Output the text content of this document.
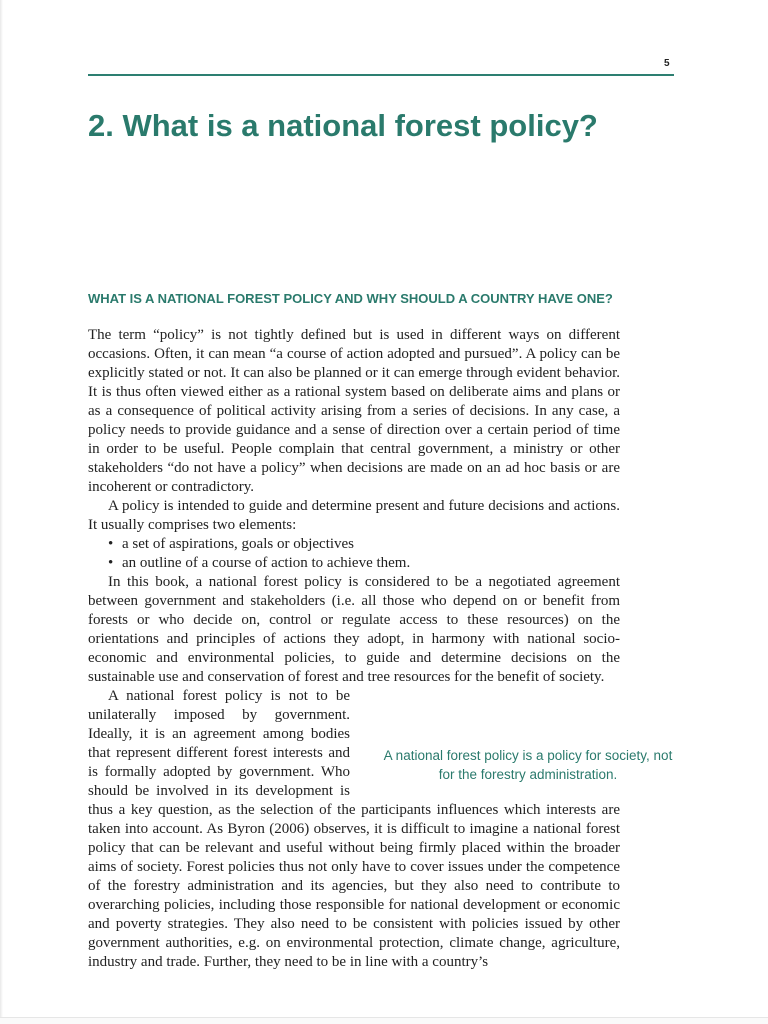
5
2. What is a national forest policy?
WHAT IS A NATIONAL FOREST POLICY AND WHY SHOULD A COUNTRY HAVE ONE?

The term “policy” is not tightly defined but is used in different ways on different occasions. Often, it can mean “a course of action adopted and pursued”. A policy can be explicitly stated or not. It can also be planned or it can emerge through evident behavior. It is thus often viewed either as a rational system based on deliberate aims and plans or as a consequence of political activity arising from a series of decisions. In any case, a policy needs to provide guidance and a sense of direction over a certain period of time in order to be useful. People complain that central government, a ministry or other stakeholders “do not have a policy” when decisions are made on an ad hoc basis or are incoherent or contradictory.

A policy is intended to guide and determine present and future decisions and actions. It usually comprises two elements:

• a set of aspirations, goals or objectives
• an outline of a course of action to achieve them.

In this book, a national forest policy is considered to be a negotiated agreement between government and stakeholders (i.e. all those who depend on or benefit from forests or who decide on, control or regulate access to these resources) on the orientations and principles of actions they adopt, in harmony with national socio-economic and environmental policies, to guide and determine decisions on the sustainable use and conservation of forest and tree resources for the benefit of society.

A national forest policy is not to be unilaterally imposed by government. Ideally, it is an agreement among bodies that represent different forest interests and is formally adopted by government. Who should be involved in its development is thus a key question, as the selection of the participants influences which interests are taken into account. As Byron (2006) observes, it is difficult to imagine a national forest policy that can be relevant and useful without being firmly placed within the broader aims of society. Forest policies thus not only have to cover issues under the competence of the forestry administration and its agencies, but they also need to contribute to overarching policies, including those responsible for national development or economic and poverty strategies. They also need to be consistent with policies issued by other government authorities, e.g. on environmental protection, climate change, agriculture, industry and trade. Further, they need to be in line with a country’s

A national forest policy is a policy for society, not for the forestry administration.
